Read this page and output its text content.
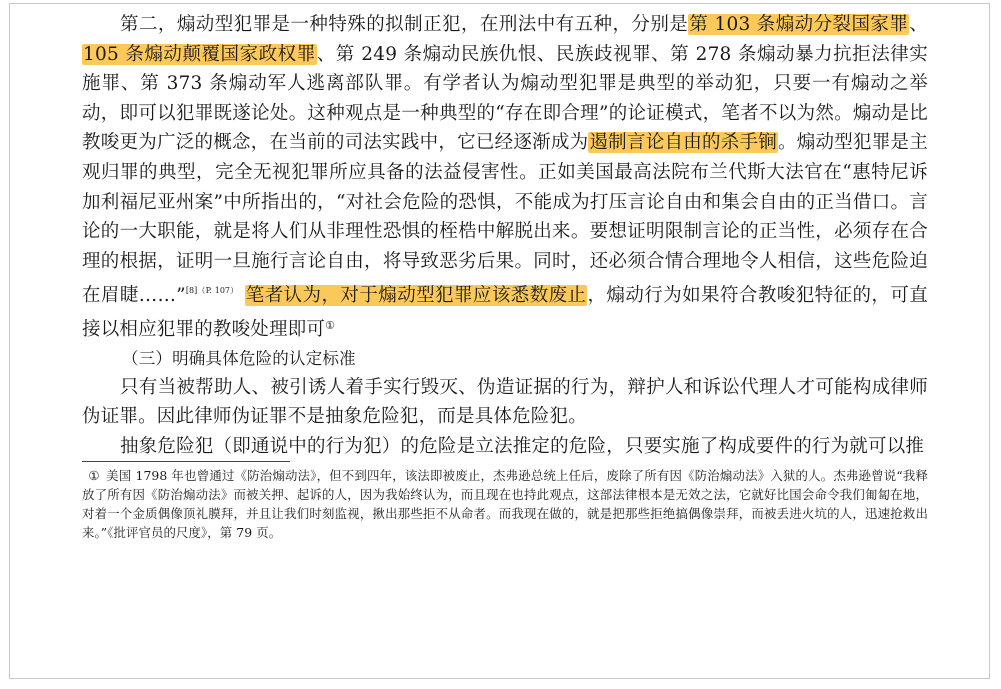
第二，煽动型犯罪是一种特殊的拟制正犯，在刑法中有五种，分别是第 103 条煽动分裂国家罪、105 条煽动颠覆国家政权罪、第 249 条煽动民族仇恨、民族歧视罪、第 278 条煽动暴力抗拒法律实施罪、第 373 条煽动军人逃离部队罪。有学者认为煽动型犯罪是典型的举动犯，只要一有煽动之举动，即可以犯罪既遂论处。这种观点是一种典型的“存在即合理”的论证模式，笔者不以为然。煽动是比教唆更为广泛的概念，在当前的司法实践中，它已经逐渐成为遏制言论自由的杀手锏。煽动型犯罪是主观归罪的典型，完全无视犯罪所应具备的法益侵害性。正如美国最高法院布兰代斯大法官在“惠特尼诉加利福尼亚州案”中所指出的，“对社会危险的恐惧，不能成为打压言论自由和集会自由的正当借口。言论的一大职能，就是将人们从非理性恐惧的桎梏中解脱出来。要想证明限制言论的正当性，必须存在合理的根据，证明一旦施行言论自由，将导致恶劣后果。同时，还必须合情合理地令人相信，这些危险迫在眉睫……”$^{[8](P. 107)}$ 笔者认为，对于煽动型犯罪应该悉数废止，煽动行为如果符合教唆犯特征的，可直接以相应犯罪的教唆处理即可①

（三）明确具体危险的认定标准

只有当被帮助人、被引诱人着手实行毁灭、伪造证据的行为，辩护人和诉讼代理人才可能构成律师伪证罪。因此律师伪证罪不是抽象危险犯，而是具体危险犯。

抽象危险犯（即通说中的行为犯）的危险是立法推定的危险，只要实施了构成要件的行为就可以推

① 美国 1798 年也曾通过《防治煽动法》，但不到四年，该法即被废止，杰弗逊总统上任后，废除了所有因《防治煽动法》入狱的人。杰弗逊曾说“我释放了所有因《防治煽动法》而被关押、起诉的人，因为我始终认为，而且现在也持此观点，这部法律根本是无效之法，它就好比国会命令我们匍匐在地，对着一个金质偶像顶礼膜拜，并且让我们时刻监视，揪出那些拒不从命者。而我现在做的，就是把那些拒绝搞偶像崇拜，而被丢进火坑的人，迅速抢救出来。”《批评官员的尺度》，第 79 页。
